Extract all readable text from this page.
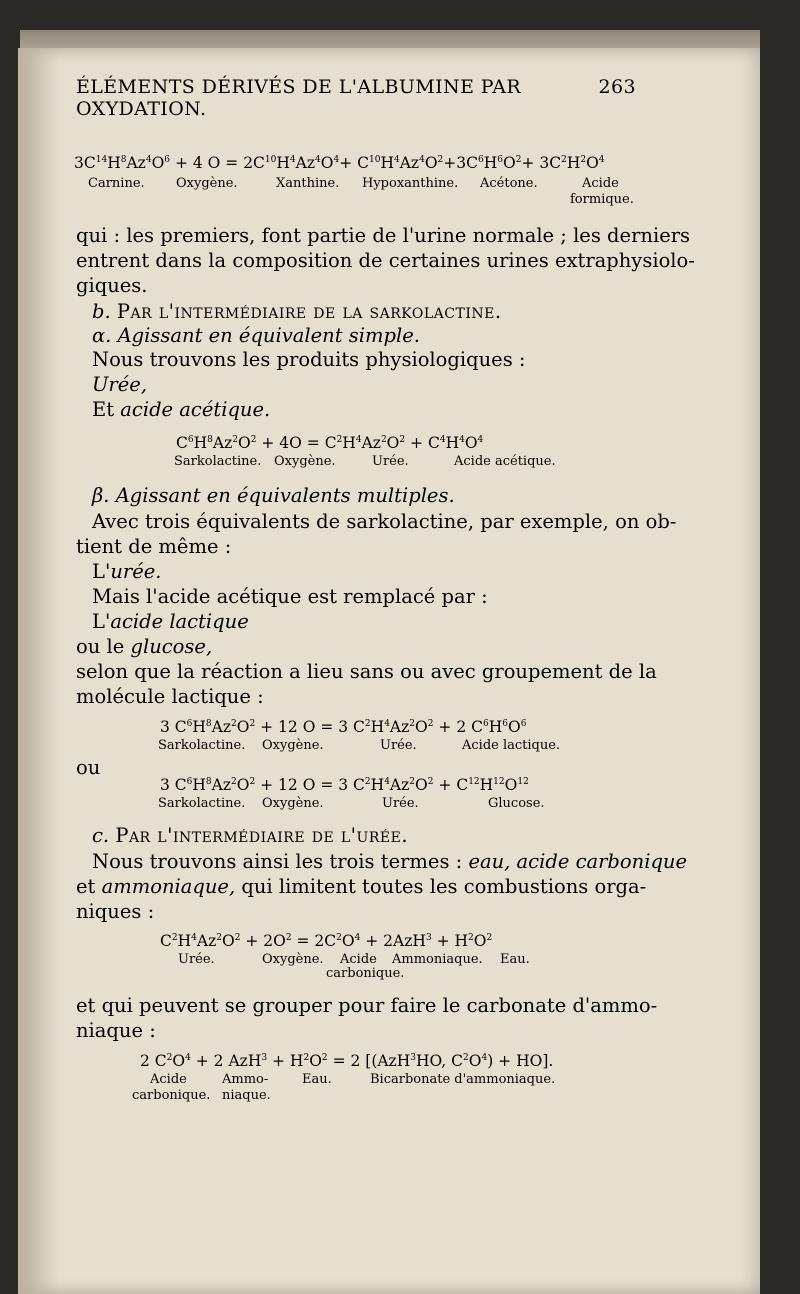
ÉLÉMENTS DÉRIVÉS DE L'ALBUMINE PAR OXYDATION.
263
$3C^{14}H^8Az^4O^6 + 4$ $O = 2C^{10}H^4Az^4O^4+ C^{10}H^4Az^4O^2+3C^6H^6O^2+ 3C^2H^2O^4$
Carnine. Oxygène.	Xanthine. Hypoxanthine. Acétone.	Acide
formique.
qui : les premiers, font partie de l'urine normale ; les derniers
entrent dans la composition de certaines urines extraphysiolo-
giques.
b. Par l'intermédiaire de la sarkolactine.
α. Agissant en équivalent simple.
Nous trouvons les produits physiologiques :
Urée,
Et acide acétique.
$C^6H^8Az^2O^2 + 4O = C^2H^4Az^2O^2 + C^4H^4O^4$
Sarkolactine. Oxygène.	Urée.	Acide acétique.
β. Agissant en équivalents multiples.
Avec trois équivalents de sarkolactine, par exemple, on ob-
tient de même :
L'urée.
Mais l'acide acétique est remplacé par :
L'acide lactique
ou le glucose,
selon que la réaction a lieu sans ou avec groupement de la
molécule lactique :
3 $C^6H^8Az^2O^2 + 12$ O = 3 $C^2H^4Az^2O^2 + 2$ $C^6H^6O^6$
Sarkolactine. Oxygène.	Urée.	Acide lactique.
ou
3 $C^6H^8Az^2O^2 + 12$ O = 3 $C^2H^4Az^2O^2 + C^{12}H^{12}O^{12}$
Sarkolactine. Oxygène.	Urée.	Glucose.
c. Par l'intermédiaire de l'urée.
Nous trouvons ainsi les trois termes : eau, acide carbonique
et ammoniaque, qui limitent toutes les combustions orga-
niques :
$C^2H^4Az^2O^2 + 2O^2 = 2C^2O^4 + 2AzH^3 + H^2O^2$
Urée.	Oxygène. Acide Ammoniaque. Eau.
carbonique.
et qui peuvent se grouper pour faire le carbonate d'ammo-
niaque :
2 $C^2O^4 + 2$ $AzH^3 + H^2O^2 = 2$ [(AzH$^3$HO, $C^2O^4) + HO$].
Acide	Ammo-	Eau.	Bicarbonate d'ammoniaque.
carbonique. niaque.
